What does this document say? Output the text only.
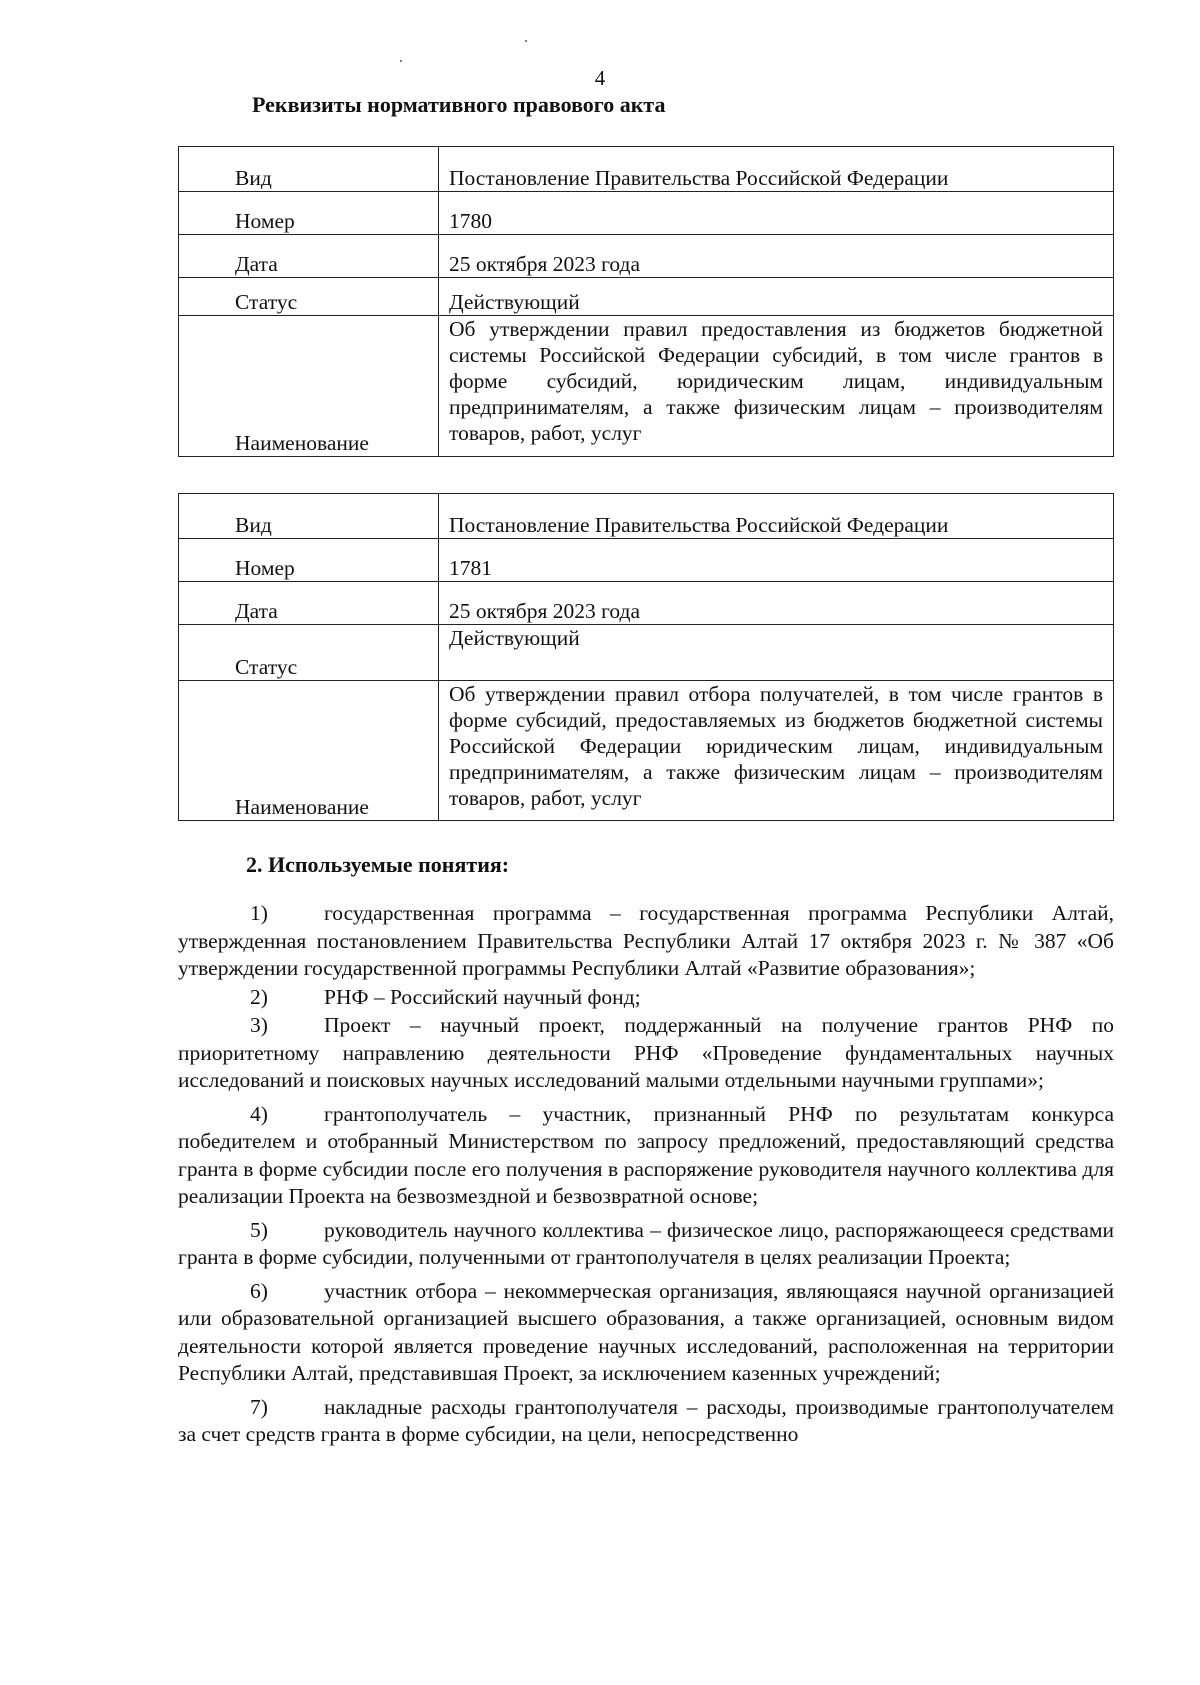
4
Реквизиты нормативного правового акта
Вид	Постановление Правительства Российской Федерации
Номер	1780
Дата	25 октября 2023 года
Статус	Действующий
Наименование	Об утверждении правил предоставления из бюджетов бюджетной системы Российской Федерации субсидий, в том числе грантов в форме субсидий, юридическим лицам, индивидуальным предпринимателям, а также физическим лицам – производителям товаров, работ, услуг
Вид	Постановление Правительства Российской Федерации
Номер	1781
Дата	25 октября 2023 года
Статус	Действующий
Наименование	Об утверждении правил отбора получателей, в том числе грантов в форме субсидий, предоставляемых из бюджетов бюджетной системы Российской Федерации юридическим лицам, индивидуальным предпринимателям, а также физическим лицам – производителям товаров, работ, услуг
2. Используемые понятия:

1)	государственная программа – государственная программа Республики Алтай, утвержденная постановлением Правительства Республики Алтай 17 октября 2023 г. № 387 «Об утверждении государственной программы Республики Алтай «Развитие образования»;

2)	РНФ – Российский научный фонд;

3)	Проект – научный проект, поддержанный на получение грантов РНФ по приоритетному направлению деятельности РНФ «Проведение фундаментальных научных исследований и поисковых научных исследований малыми отдельными научными группами»;

4)	грантополучатель – участник, признанный РНФ по результатам конкурса победителем и отобранный Министерством по запросу предложений, предоставляющий средства гранта в форме субсидии после его получения в распоряжение руководителя научного коллектива для реализации Проекта на безвозмездной и безвозвратной основе;

5)	руководитель научного коллектива – физическое лицо, распоряжающееся средствами гранта в форме субсидии, полученными от грантополучателя в целях реализации Проекта;

6)	участник отбора – некоммерческая организация, являющаяся научной организацией или образовательной организацией высшего образования, а также организацией, основным видом деятельности которой является проведение научных исследований, расположенная на территории Республики Алтай, представившая Проект, за исключением казенных учреждений;

7)	накладные расходы грантополучателя – расходы, производимые грантополучателем за счет средств гранта в форме субсидии, на цели, непосредственно
